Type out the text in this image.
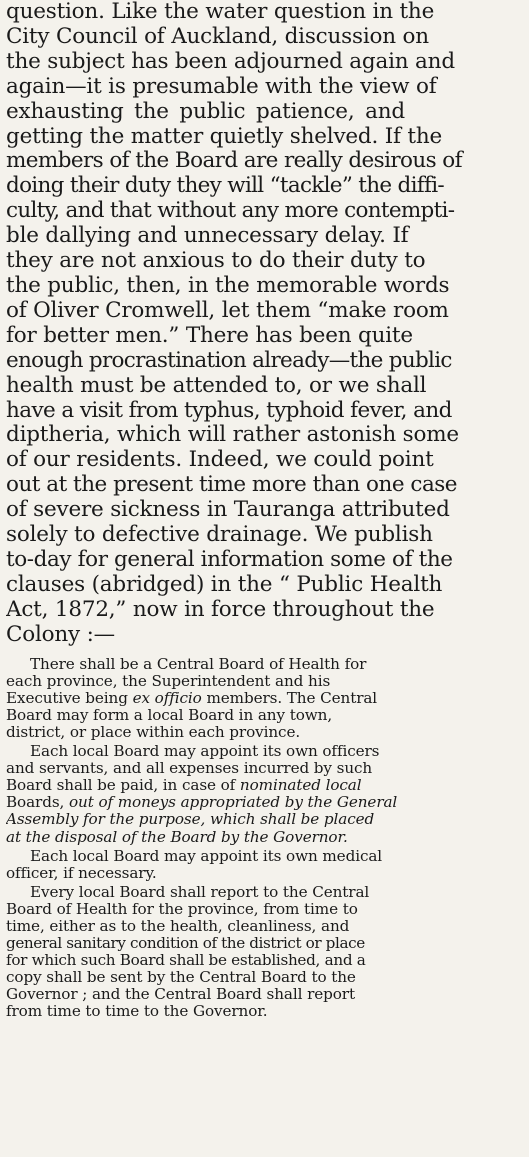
question. Like the water question in the
City Council of Auckland, discussion on
the subject has been adjourned again and
again—it is presumable with the view of
exhausting the public patience, and
getting the matter quietly shelved. If the
members of the Board are really desirous of
doing their duty they will “tackle” the diffi-
culty, and that without any more contempti-
ble dallying and unnecessary delay. If
they are not anxious to do their duty to
the public, then, in the memorable words
of Oliver Cromwell, let them “make room
for better men.” There has been quite
enough procrastination already—the public
health must be attended to, or we shall
have a visit from typhus, typhoid fever, and
diptheria, which will rather astonish some
of our residents. Indeed, we could point
out at the present time more than one case
of severe sickness in Tauranga attributed
solely to defective drainage. We publish
to-day for general information some of the
clauses (abridged) in the “ Public Health
Act, 1872,” now in force throughout the
Colony :—
There shall be a Central Board of Health for
each province, the Superintendent and his
Executive being ex officio members. The Central
Board may form a local Board in any town,
district, or place within each province.
Each local Board may appoint its own officers
and servants, and all expenses incurred by such
Board shall be paid, in case of nominated local
Boards, out of moneys appropriated by the General
Assembly for the purpose, which shall be placed
at the disposal of the Board by the Governor.
Each local Board may appoint its own medical
officer, if necessary.
Every local Board shall report to the Central
Board of Health for the province, from time to
time, either as to the health, cleanliness, and
general sanitary condition of the district or place
for which such Board shall be established, and a
copy shall be sent by the Central Board to the
Governor ; and the Central Board shall report
from time to time to the Governor.
